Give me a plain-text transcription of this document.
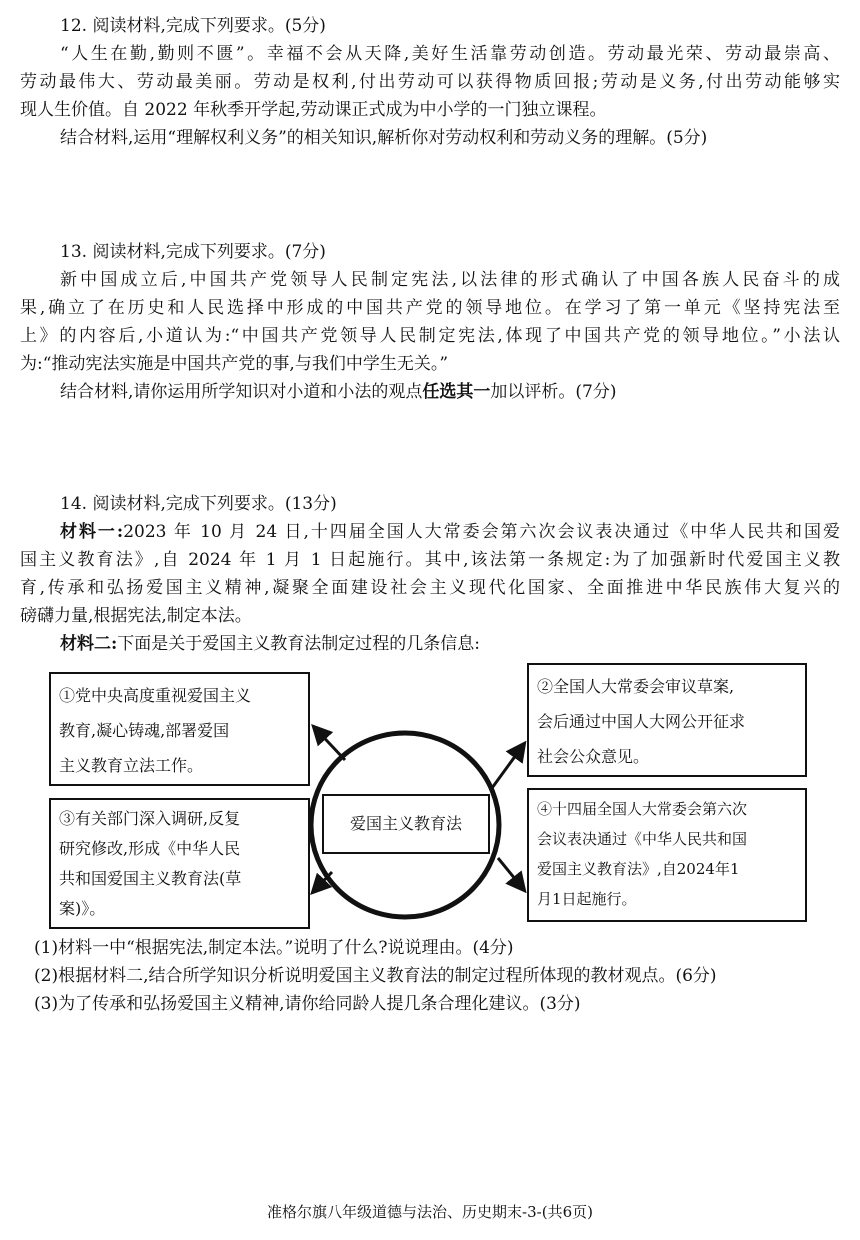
12. 阅读材料,完成下列要求。(5分)
“人生在勤,勤则不匮”。幸福不会从天降,美好生活靠劳动创造。劳动最光荣、劳动最崇高、
劳动最伟大、劳动最美丽。劳动是权利,付出劳动可以获得物质回报;劳动是义务,付出劳动能够实
现人生价值。自 2022 年秋季开学起,劳动课正式成为中小学的一门独立课程。
结合材料,运用“理解权利义务”的相关知识,解析你对劳动权利和劳动义务的理解。(5分)
13. 阅读材料,完成下列要求。(7分)
新中国成立后,中国共产党领导人民制定宪法,以法律的形式确认了中国各族人民奋斗的成
果,确立了在历史和人民选择中形成的中国共产党的领导地位。在学习了第一单元《坚持宪法至
上》的内容后,小道认为:“中国共产党领导人民制定宪法,体现了中国共产党的领导地位。”小法认
为:“推动宪法实施是中国共产党的事,与我们中学生无关。”
结合材料,请你运用所学知识对小道和小法的观点任选其一加以评析。(7分)
14. 阅读材料,完成下列要求。(13分)
材料一:2023 年 10 月 24 日,十四届全国人大常委会第六次会议表决通过《中华人民共和国爱
国主义教育法》,自 2024 年 1 月 1 日起施行。其中,该法第一条规定:为了加强新时代爱国主义教
育,传承和弘扬爱国主义精神,凝聚全面建设社会主义现代化国家、全面推进中华民族伟大复兴的
磅礴力量,根据宪法,制定本法。
材料二:下面是关于爱国主义教育法制定过程的几条信息:
爱国主义教育法
①党中央高度重视爱国主义
教育,凝心铸魂,部署爱国
主义教育立法工作。
②全国人大常委会审议草案,
会后通过中国人大网公开征求
社会公众意见。
③有关部门深入调研,反复
研究修改,形成《中华人民
共和国爱国主义教育法(草
案)》。
④十四届全国人大常委会第六次
会议表决通过《中华人民共和国
爱国主义教育法》,自2024年1
月1日起施行。
(1)材料一中“根据宪法,制定本法。”说明了什么?说说理由。(4分)
(2)根据材料二,结合所学知识分析说明爱国主义教育法的制定过程所体现的教材观点。(6分)
(3)为了传承和弘扬爱国主义精神,请你给同龄人提几条合理化建议。(3分)
准格尔旗八年级道德与法治、历史期末-3-(共6页)
